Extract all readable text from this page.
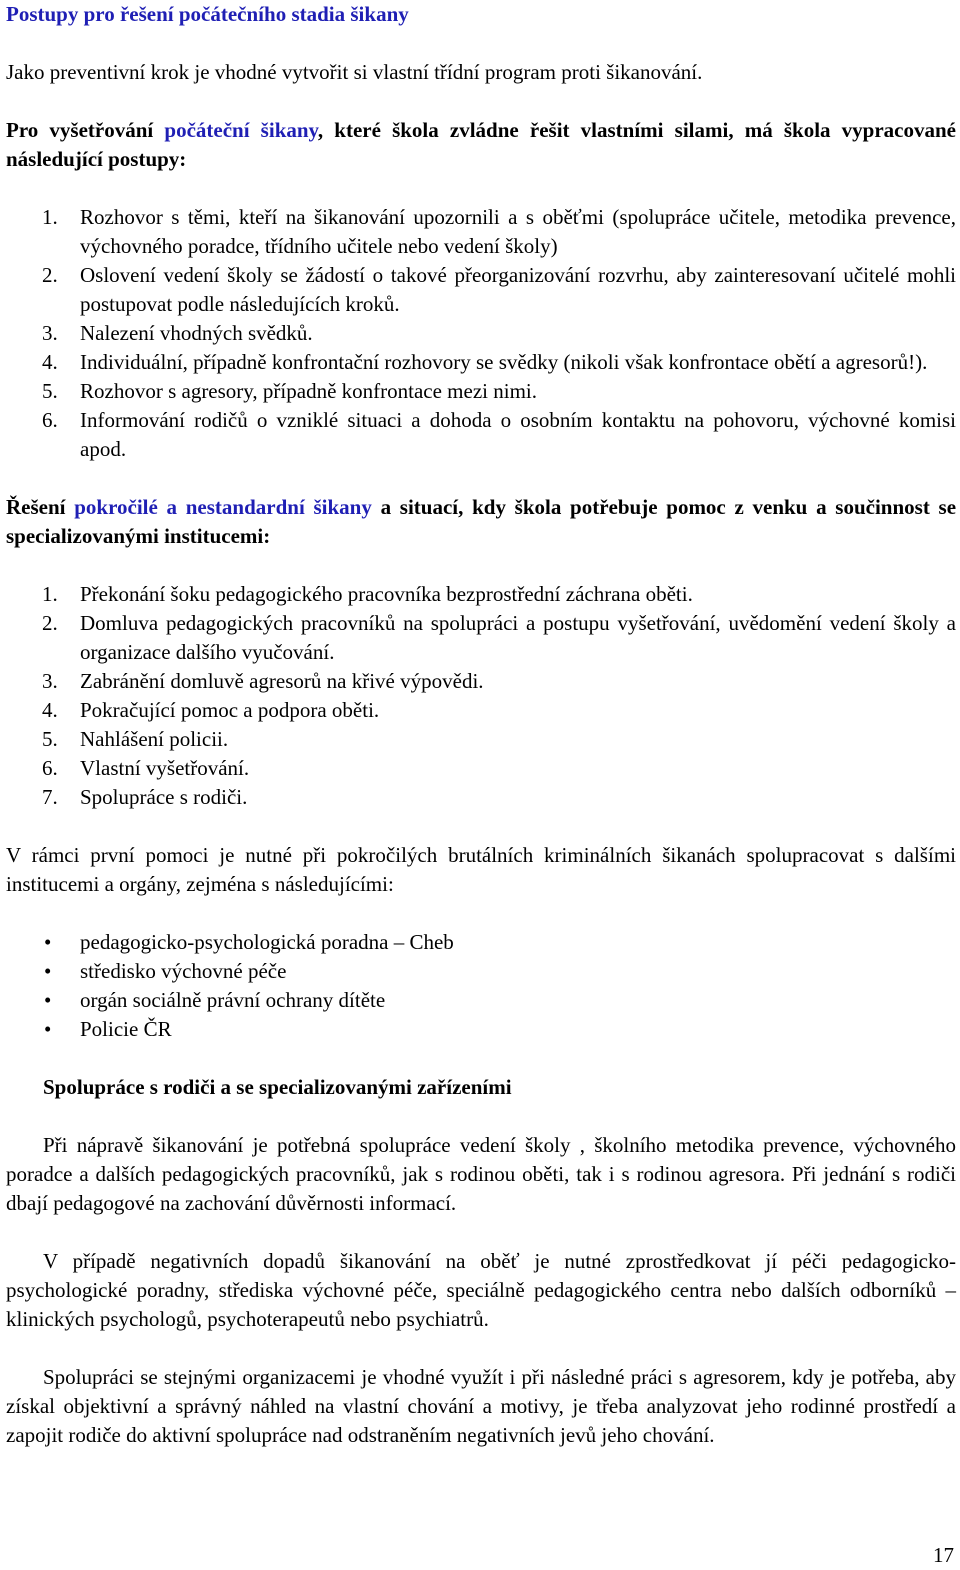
Postupy pro řešení počátečního stadia šikany

Jako preventivní krok je vhodné vytvořit si vlastní třídní program proti šikanování.

Pro vyšetřování počáteční šikany, které škola zvládne řešit vlastními silami, má škola vypracované následující postupy:

1. Rozhovor s těmi, kteří na šikanování upozornili a s oběťmi (spolupráce učitele, metodika prevence, výchovného poradce, třídního učitele nebo vedení školy)
2. Oslovení vedení školy se žádostí o takové přeorganizování rozvrhu, aby zainteresovaní učitelé mohli postupovat podle následujících kroků.
3. Nalezení vhodných svědků.
4. Individuální, případně konfrontační rozhovory se svědky (nikoli však konfrontace obětí a agresorů!).
5. Rozhovor s agresory, případně konfrontace mezi nimi.
6. Informování rodičů o vzniklé situaci a dohoda o osobním kontaktu na pohovoru, výchovné komisi apod.

Řešení pokročilé a nestandardní šikany a situací, kdy škola potřebuje pomoc z venku a součinnost se specializovanými institucemi:

1. Překonání šoku pedagogického pracovníka bezprostřední záchrana oběti.
2. Domluva pedagogických pracovníků na spolupráci a postupu vyšetřování, uvědomění vedení školy a organizace dalšího vyučování.
3. Zabránění domluvě agresorů na křivé výpovědi.
4. Pokračující pomoc a podpora oběti.
5. Nahlášení policii.
6. Vlastní vyšetřování.
7. Spolupráce s rodiči.

V rámci první pomoci je nutné při pokročilých brutálních kriminálních šikanách spolupracovat s dalšími institucemi a orgány, zejména s následujícími:

• pedagogicko-psychologická poradna – Cheb
• středisko výchovné péče
• orgán sociálně právní ochrany dítěte
• Policie ČR

Spolupráce s rodiči a se specializovanými zařízeními

Při nápravě šikanování je potřebná spolupráce vedení školy , školního metodika prevence, výchovného poradce a dalších pedagogických pracovníků, jak s rodinou oběti, tak i s rodinou agresora. Při jednání s rodiči dbají pedagogové na zachování důvěrnosti informací.

V případě negativních dopadů šikanování na oběť je nutné zprostředkovat jí péči pedagogicko-psychologické poradny, střediska výchovné péče, speciálně pedagogického centra nebo dalších odborníků – klinických psychologů, psychoterapeutů nebo psychiatrů.

Spolupráci se stejnými organizacemi je vhodné využít i při následné práci s agresorem, kdy je potřeba, aby získal objektivní a správný náhled na vlastní chování a motivy, je třeba analyzovat jeho rodinné prostředí a zapojit rodiče do aktivní spolupráce nad odstraněním negativních jevů jeho chování.

17
